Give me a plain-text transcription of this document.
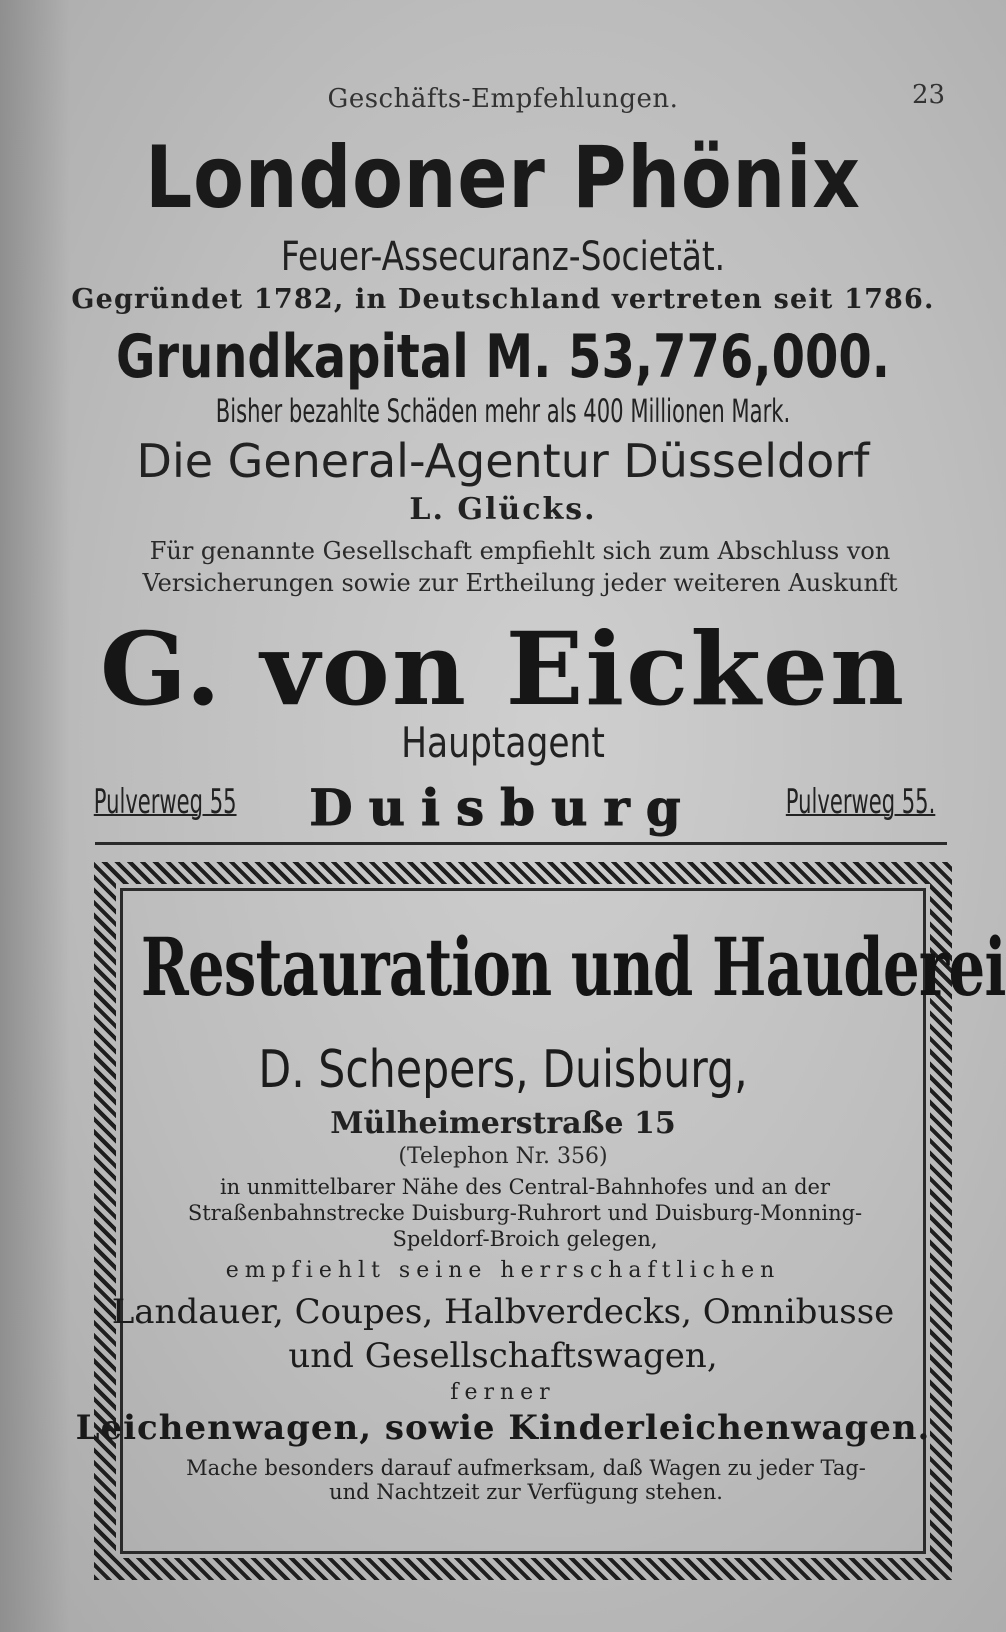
Geschäfts-Empfehlungen.	23
Londoner Phönix
Feuer-Assecuranz-Societät.
Gegründet 1782, in Deutschland vertreten seit 1786.
Grundkapital M. 53,776,000.
Bisher bezahlte Schäden mehr als 400 Millionen Mark.
Die General-Agentur Düsseldorf
L. Glücks.
Für genannte Gesellschaft empfiehlt sich zum Abschluss von Versicherungen sowie zur Ertheilung jeder weiteren Auskunft
G. von Eicken
Hauptagent
Pulverweg 55	Duisburg	Pulverweg 55.
Restauration und Hauderei
D. Schepers, Duisburg,
Mülheimerstraße 15
(Telephon Nr. 356)
in unmittelbarer Nähe des Central-Bahnhofes und an der Straßenbahnstrecke Duisburg-Ruhrort und Duisburg-Monning-Speldorf-Broich gelegen,
empfiehlt seine herrschaftlichen
Landauer, Coupes, Halbverdecks, Omnibusse
und Gesellschaftswagen,
ferner
Leichenwagen, sowie Kinderleichenwagen.
Mache besonders darauf aufmerksam, daß Wagen zu jeder Tag- und Nachtzeit zur Verfügung stehen.
